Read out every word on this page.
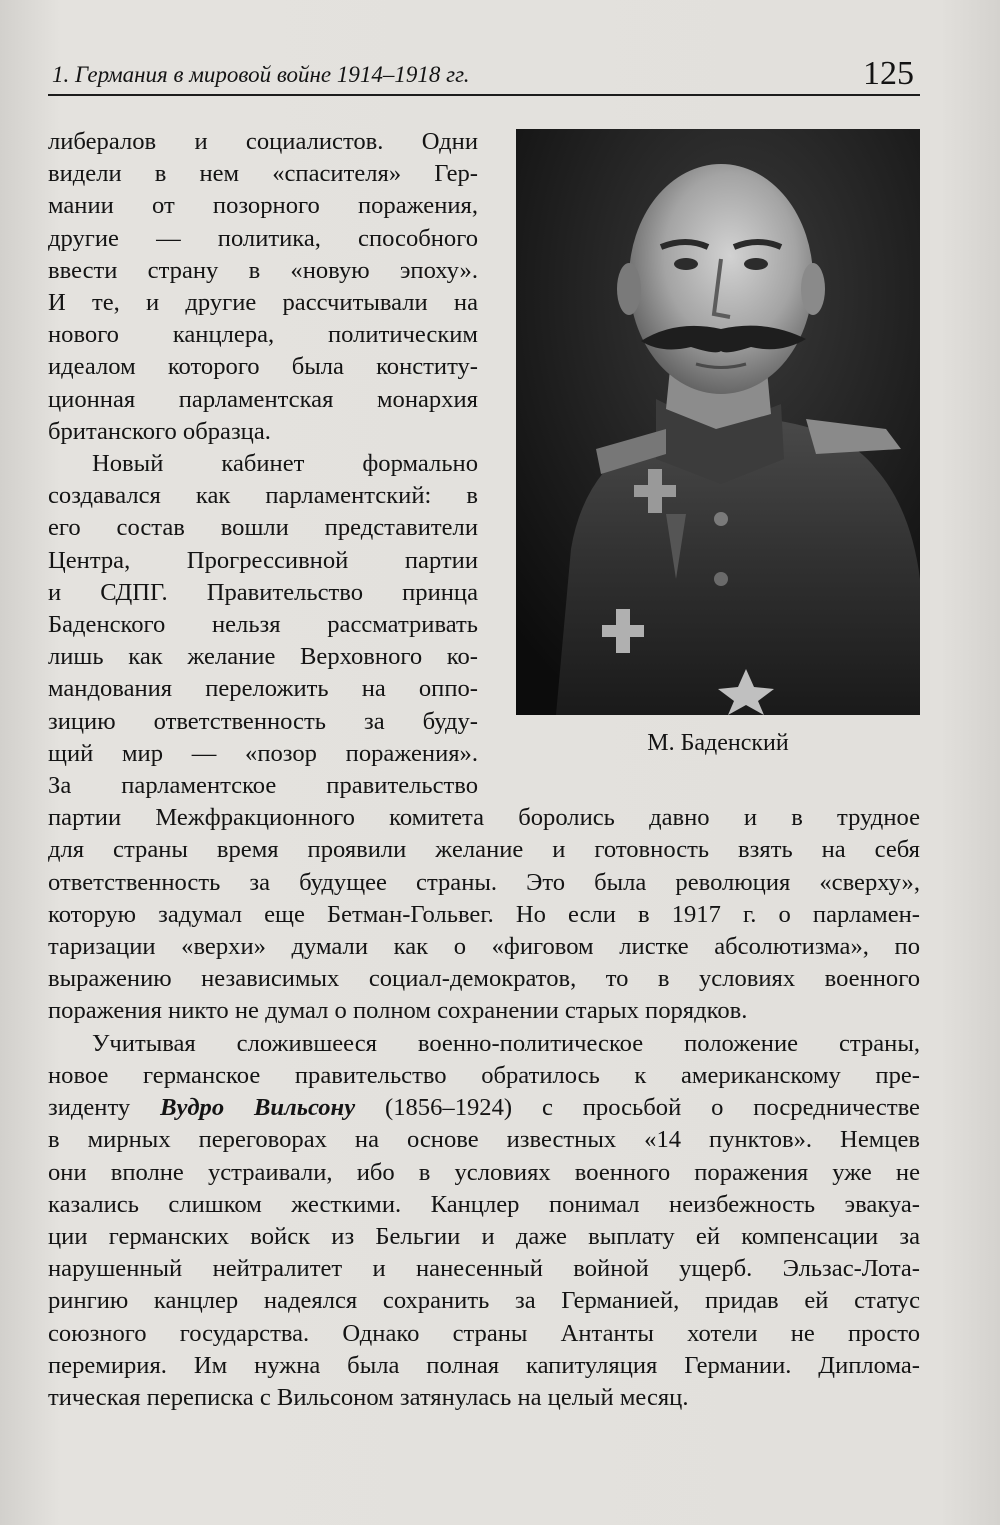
1. Германия в мировой войне 1914–1918 гг.	125
М. Баденский
либералов и социалистов. Одни
видели в нем «спасителя» Гер-
мании от позорного поражения,
другие — политика, способного
ввести страну в «новую эпоху».
И те, и другие рассчитывали на
нового канцлера, политическим
идеалом которого была конститу-
ционная парламентская монархия
британского образца.
Новый кабинет формально
создавался как парламентский: в
его состав вошли представители
Центра, Прогрессивной партии
и СДПГ. Правительство принца
Баденского нельзя рассматривать
лишь как желание Верховного ко-
мандования переложить на оппо-
зицию ответственность за буду-
щий мир — «позор поражения».
За парламентское правительство
партии Межфракционного комитета боролись давно и в трудное
для страны время проявили желание и готовность взять на себя
ответственность за будущее страны. Это была революция «сверху»,
которую задумал еще Бетман-Гольвег. Но если в 1917 г. о парламен-
таризации «верхи» думали как о «фиговом листке абсолютизма», по
выражению независимых социал-демократов, то в условиях военного
поражения никто не думал о полном сохранении старых порядков.
Учитывая сложившееся военно-политическое положение страны,
новое германское правительство обратилось к американскому пре-
зиденту Вудро Вильсону (1856–1924) с просьбой о посредничестве
в мирных переговорах на основе известных «14 пунктов». Немцев
они вполне устраивали, ибо в условиях военного поражения уже не
казались слишком жесткими. Канцлер понимал неизбежность эвакуа-
ции германских войск из Бельгии и даже выплату ей компенсации за
нарушенный нейтралитет и нанесенный войной ущерб. Эльзас-Лота-
рингию канцлер надеялся сохранить за Германией, придав ей статус
союзного государства. Однако страны Антанты хотели не просто
перемирия. Им нужна была полная капитуляция Германии. Диплома-
тическая переписка с Вильсоном затянулась на целый месяц.
